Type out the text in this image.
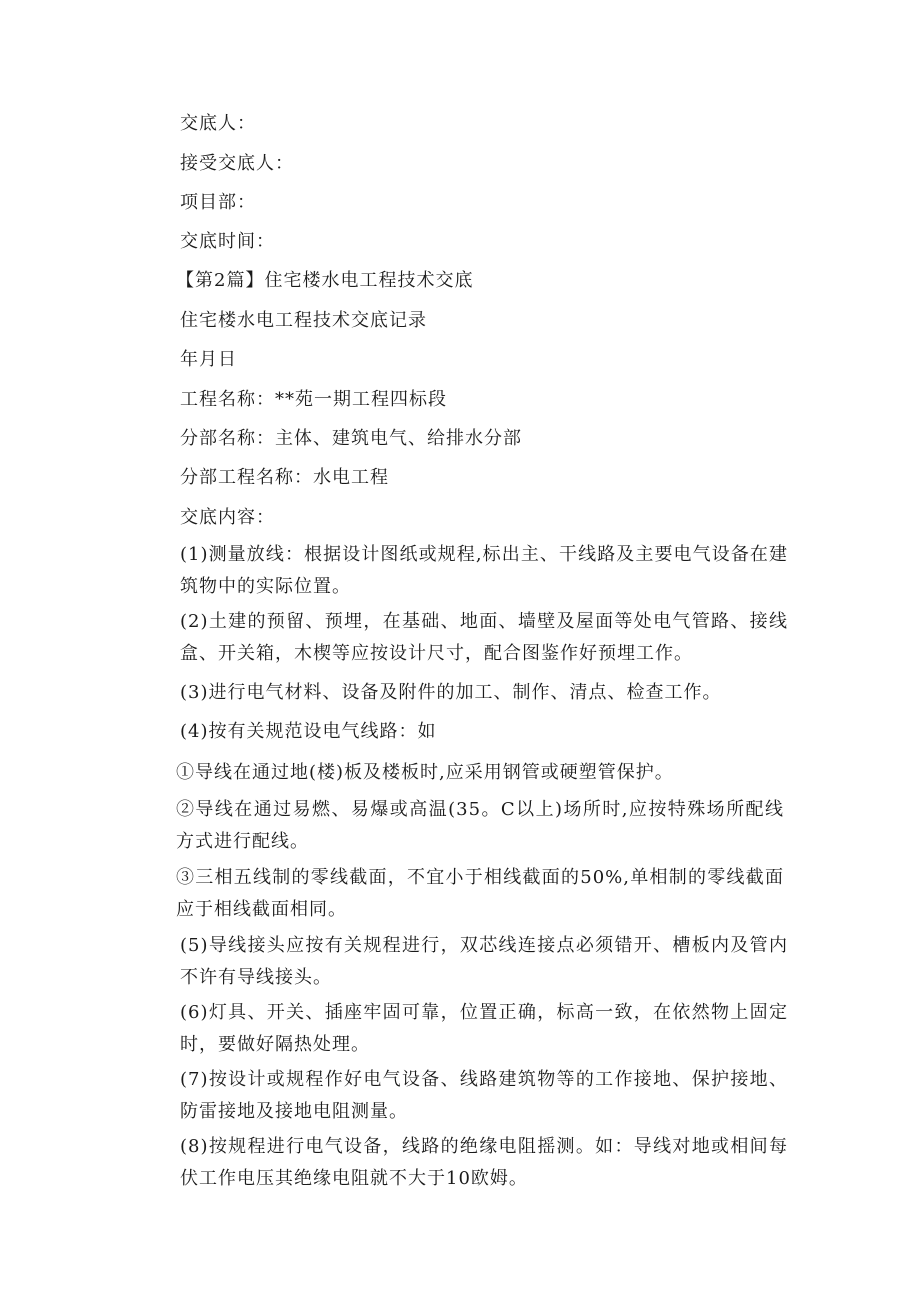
交底人：
接受交底人：
项目部：
交底时间：
【第2篇】住宅楼水电工程技术交底
住宅楼水电工程技术交底记录
年月日
工程名称：**苑一期工程四标段
分部名称：主体、建筑电气、给排水分部
分部工程名称：水电工程
交底内容：
(1)测量放线：根据设计图纸或规程,标出主、干线路及主要电气设备在建筑物中的实际位置。
(2)土建的预留、预埋，在基础、地面、墙壁及屋面等处电气管路、接线盒、开关箱，木楔等应按设计尺寸，配合图鉴作好预埋工作。
(3)进行电气材料、设备及附件的加工、制作、清点、检查工作。
(4)按有关规范设电气线路：如
①导线在通过地(楼)板及楼板时,应采用钢管或硬塑管保护。
②导线在通过易燃、易爆或高温(35。C以上)场所时,应按特殊场所配线方式进行配线。
③三相五线制的零线截面，不宜小于相线截面的50%,单相制的零线截面应于相线截面相同。
(5)导线接头应按有关规程进行，双芯线连接点必须错开、槽板内及管内不许有导线接头。
(6)灯具、开关、插座牢固可靠，位置正确，标高一致，在依然物上固定时，要做好隔热处理。
(7)按设计或规程作好电气设备、线路建筑物等的工作接地、保护接地、防雷接地及接地电阻测量。
(8)按规程进行电气设备，线路的绝缘电阻摇测。如：导线对地或相间每伏工作电压其绝缘电阻就不大于10欧姆。
